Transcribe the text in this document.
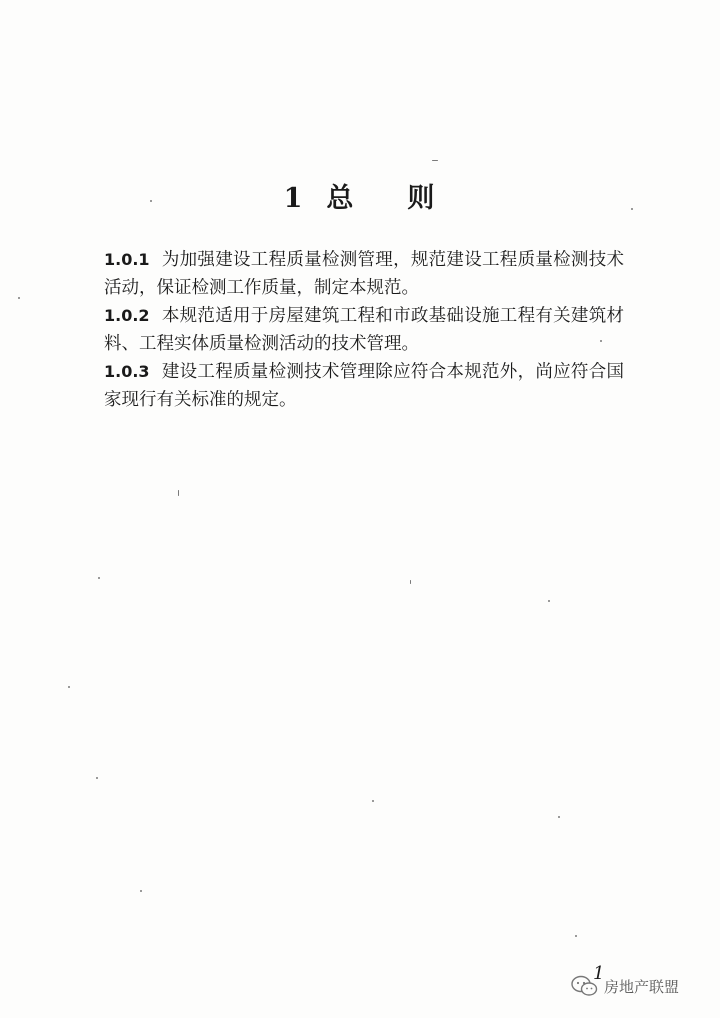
1 总 则

1.0.1 为加强建设工程质量检测管理，规范建设工程质量检测技术活动，保证检测工作质量，制定本规范。

1.0.2 本规范适用于房屋建筑工程和市政基础设施工程有关建筑材料、工程实体质量检测活动的技术管理。

1.0.3 建设工程质量检测技术管理除应符合本规范外，尚应符合国家现行有关标准的规定。

1
房地产联盟
